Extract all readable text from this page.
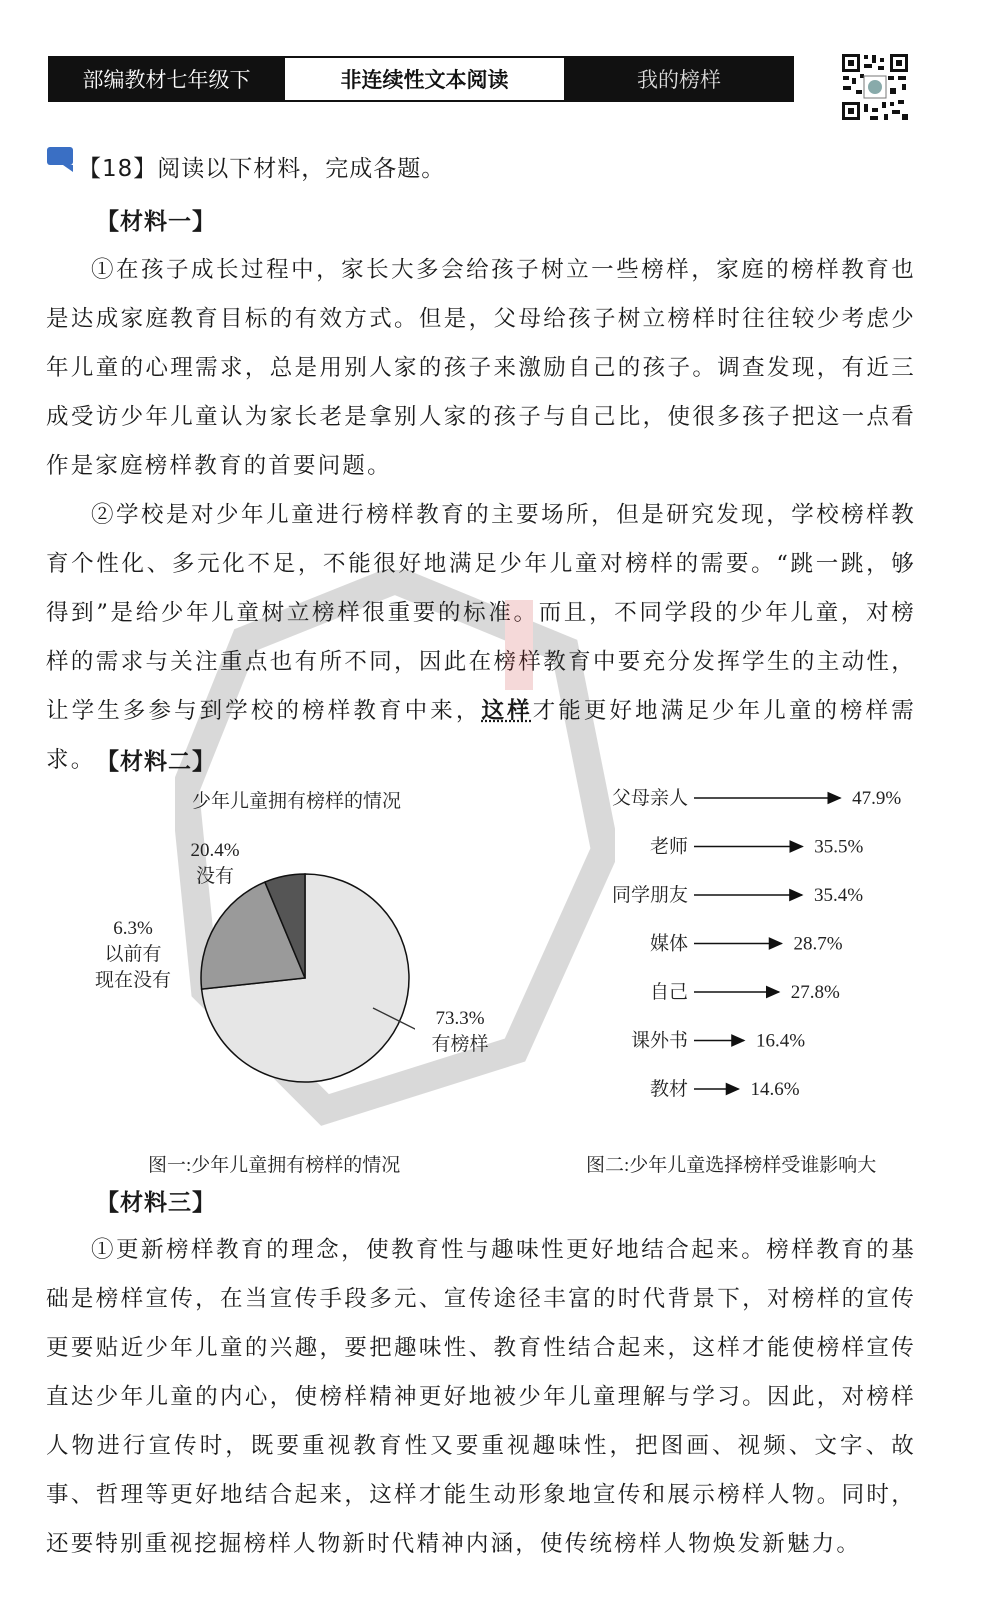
部编教材七年级下	非连续性文本阅读	我的榜样
【18】阅读以下材料，完成各题。
【材料一】
①在孩子成长过程中，家长大多会给孩子树立一些榜样，家庭的榜样教育也是达成家庭教育目标的有效方式。但是，父母给孩子树立榜样时往往较少考虑少年儿童的心理需求，总是用别人家的孩子来激励自己的孩子。调查发现，有近三成受访少年儿童认为家长老是拿别人家的孩子与自己比，使很多孩子把这一点看作是家庭榜样教育的首要问题。
②学校是对少年儿童进行榜样教育的主要场所，但是研究发现，学校榜样教育个性化、多元化不足，不能很好地满足少年儿童对榜样的需要。“跳一跳，够得到”是给少年儿童树立榜样很重要的标准。而且，不同学段的少年儿童，对榜样的需求与关注重点也有所不同，因此在榜样教育中要充分发挥学生的主动性，让学生多参与到学校的榜样教育中来，这样才能更好地满足少年儿童的榜样需求。 【材料二】
少年儿童拥有榜样的情况
20.4%
没有
6.3%
以前有
现在没有
73.3%
有榜样
图一:少年儿童拥有榜样的情况
父母亲人	47.9%
老师	35.5%
同学朋友	35.4%
媒体	28.7%
自己	27.8%
课外书	16.4%
教材	14.6%
图二:少年儿童选择榜样受谁影响大
【材料三】
①更新榜样教育的理念，使教育性与趣味性更好地结合起来。榜样教育的基础是榜样宣传，在当宣传手段多元、宣传途径丰富的时代背景下，对榜样的宣传更要贴近少年儿童的兴趣，要把趣味性、教育性结合起来，这样才能使榜样宣传直达少年儿童的内心，使榜样精神更好地被少年儿童理解与学习。因此，对榜样人物进行宣传时，既要重视教育性又要重视趣味性，把图画、视频、文字、故事、哲理等更好地结合起来，这样才能生动形象地宣传和展示榜样人物。同时，还要特别重视挖掘榜样人物新时代精神内涵，使传统榜样人物焕发新魅力。
